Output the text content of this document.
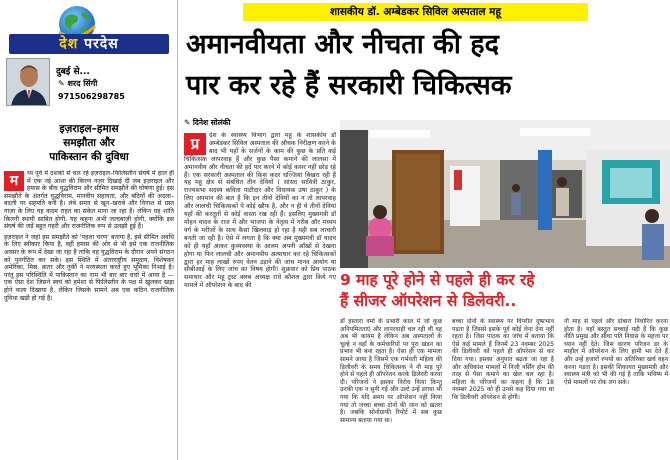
देश परदेस
दुबई से...
✎ शरद सिंगी
971506298785
इज़राइल–हमास
समझौता और
पाकिस्तान की दुविधा
म	ध्य पूर्व में दशकों से चल रहे इज़राइल–फिलिस्तीन संघर्ष में हाल ही में एक नई आशा की किरण नज़र दिखाई दी जब इज़राइल और हमास के बीच युद्धविराम और सीमित समझौते की घोषणा हुई। इस समझौते के अंतर्गत युद्धविराम, मानवीय सहायता, और बंदियों की अदला–बदली पर सहमति बनी है। लंबे समय से खून–खराबे और विनाश से ग्रस्त गाज़ा के लिए यह कदम राहत का संकेत माना जा रहा है। लेकिन यह शांति कितनी स्थायी साबित होगी, यह कहना अभी जल्दबाज़ी होगी, क्योंकि इस संघर्ष की जड़ें बहुत गहरी और राजनीतिक रूप से उलझी हुई हैं।

इज़राइल ने जहां इस समझौते को 'पहला चरण' बताया है, इसे सीमित अवधि के लिए स्वीकार किया है, वहीं हमास की ओर से भी इसे एक राजनीतिक अवसर के रूप में देखा जा रहा है ताकि वह युद्धविराम के दौरान अपने संगठन को पुनर्गठित कर सके। इस स्थिति में अंतरराष्ट्रीय समुदाय, विशेषकर अमेरिका, मिस्र, क़तर और तुर्की ने मध्यस्थता करते हुए भूमिका निभाई है। परंतु इस परिस्थिति में पाकिस्तान का नाम भी बार बार चर्चा में आया है — एक ऐसा देश जिसने स्वयं को हमेशा से फिलिस्तीन के पक्ष में खुलकर खड़ा होने वाला दिखाया है, लेकिन जिसके सामने अब एक कठिन राजनीतिक दुविधा खड़ी हो गई है।

शासकीय डॉ. अम्बेडकर सिविल अस्पताल महू
अमानवीयता और नीचता की हद
पार कर रहे हैं सरकारी चिकित्सक
✎ दिनेश सोलंकी
प्र	देश के स्वास्थ्य विभाग द्वारा महू के शासकीय डॉ अम्बेडकर सिविल अस्पताल की औचक निरीक्षण करने के बाद भी यहाँ के सर्जनों के काम की कुछ के प्रति कई चिकित्सक लापरवाह हैं और कुछ पैसा कमाने की लालसा में अमानवीय और नीचता की हदें पार करने में कोई कसर नहीं छोड़ रहे हैं। एक सरकारी अस्पताल की किस कदर धज्जियां बिखरा रही हैं यह महू क्षेत्र से संबंधित तीन देवियों ( सांसद सावित्री ठाकुर, राज्यसभा सदस्य कविता पाटीदार और विधायक उषा ठाकुर ) के लिए अपमान की बात है कि इन तीनों देवियों का न तो लापरवाह और लालची चिकित्सकों पे कोई खौफ है, और न ही ये तीनों देवियां यहाँ की करतूतों से कोई वास्ता रख रही हैं। इसलिए मुख्यमंत्री डॉ मोहन यादव के राज में और भाजपा के नेतृत्व में गरीब और मध्यम वर्ग के मरीजों के साथ कैसा खिलवाड़ हो रहा है यही सब लाचारी बनती जा रही है। ऐसे में लगता है कि क्या अब मुख्यमंत्री डॉ यादव को ही यहाँ आकर कुव्यवस्था के आलम अपनी आँखों से देखना होगा या फिर लालची और अमानवीय अत्याचार कर रहे चिकित्सकों द्वारा हर माह लाखों रुपए वेतन उड़ाने की जांच मानव आयोग या सीबीआई के लिए जांच का विषय होगी! शुक्रवार को प्रिय पाठक समाचार और महू ट्रस्ट क्लब अध्यक्ष राधे कौशल द्वारा किये गए मामले में ऑपरेशन के बाद की	9 माह पूरे होने से पहले ही कर रहे
हैं सीजर ऑपरेशन से डिलेवरी..
डॉ हस्तारा वर्मा के प्रभारी काल में जो कुछ अनियमितताएं और लापरवाही चल रही थी वह अब भी कायम है लेकिन अब अस्पतालों के चूल्हे न वहाँ के कर्मचारियों पर पूरा खंडन का प्रभाव भी बना रहता है। ऐसा ही एक मामला सामने आया है जिसमें एक गर्भवती महिला की डिलीवरी के समय चिकित्सक ने नौ माह पूरे होने से पहले ही ऑपरेशन करके डिलेवरी करवा दी। परिजनों ने इसका विरोध किया किन्तु उनकी एक न सुनी गई और उल्टे उन्हें डराया भी गया कि यदि समय पर ऑपरेशन नहीं किया गया तो जच्चा बच्चा दोनों की जान को खतरा है। जबकि सोनोग्राफी रिपोर्ट में सब कुछ सामान्य बताया गया था।
बच्चा दोनों के स्वास्थ्य पर विपरीत दुष्प्रभाव पड़ता है जिससे इसके पूर्व कोई लेना देना नहीं रहता है। जिस पाठक का जांच में बताया कि ऐसे कई मामले हैं जिनमें 23 नवम्बर 2025 की डिलीवरी को पहले ही ऑपरेशन से कर दिया गया। इसका अनुपात बढ़ता जा रहा है और अधिकांश मामलों में निजी नर्सिंग होम की तरह से पैसा कमाने का खेल चल रहा है। महिला के परिजनों का कहना है कि 18 नवम्बर 2025 को ही उनसे कह दिया गया था कि डिलीवरी ऑपरेशन से होगी।
नौ माह से पहले और दोबारा निर्धारित करना होता है। यहाँ बस्तुत सच्चाई यही है कि कुछ नीति प्रमुख और सीधा पति निवास के महत्त्व पर ध्यान नहीं देते। जिस कारण परिजन डर के माहौल में ऑपरेशन के लिए हामी भर देते हैं और उन्हें हजारों रुपयों का अतिरिक्त खर्च वहन करना पड़ता है। इसकी शिकायत मुख्यमंत्री और स्वास्थ्य मंत्री को भी की गई है ताकि भविष्य में ऐसे मामलों पर रोक लग सके।
